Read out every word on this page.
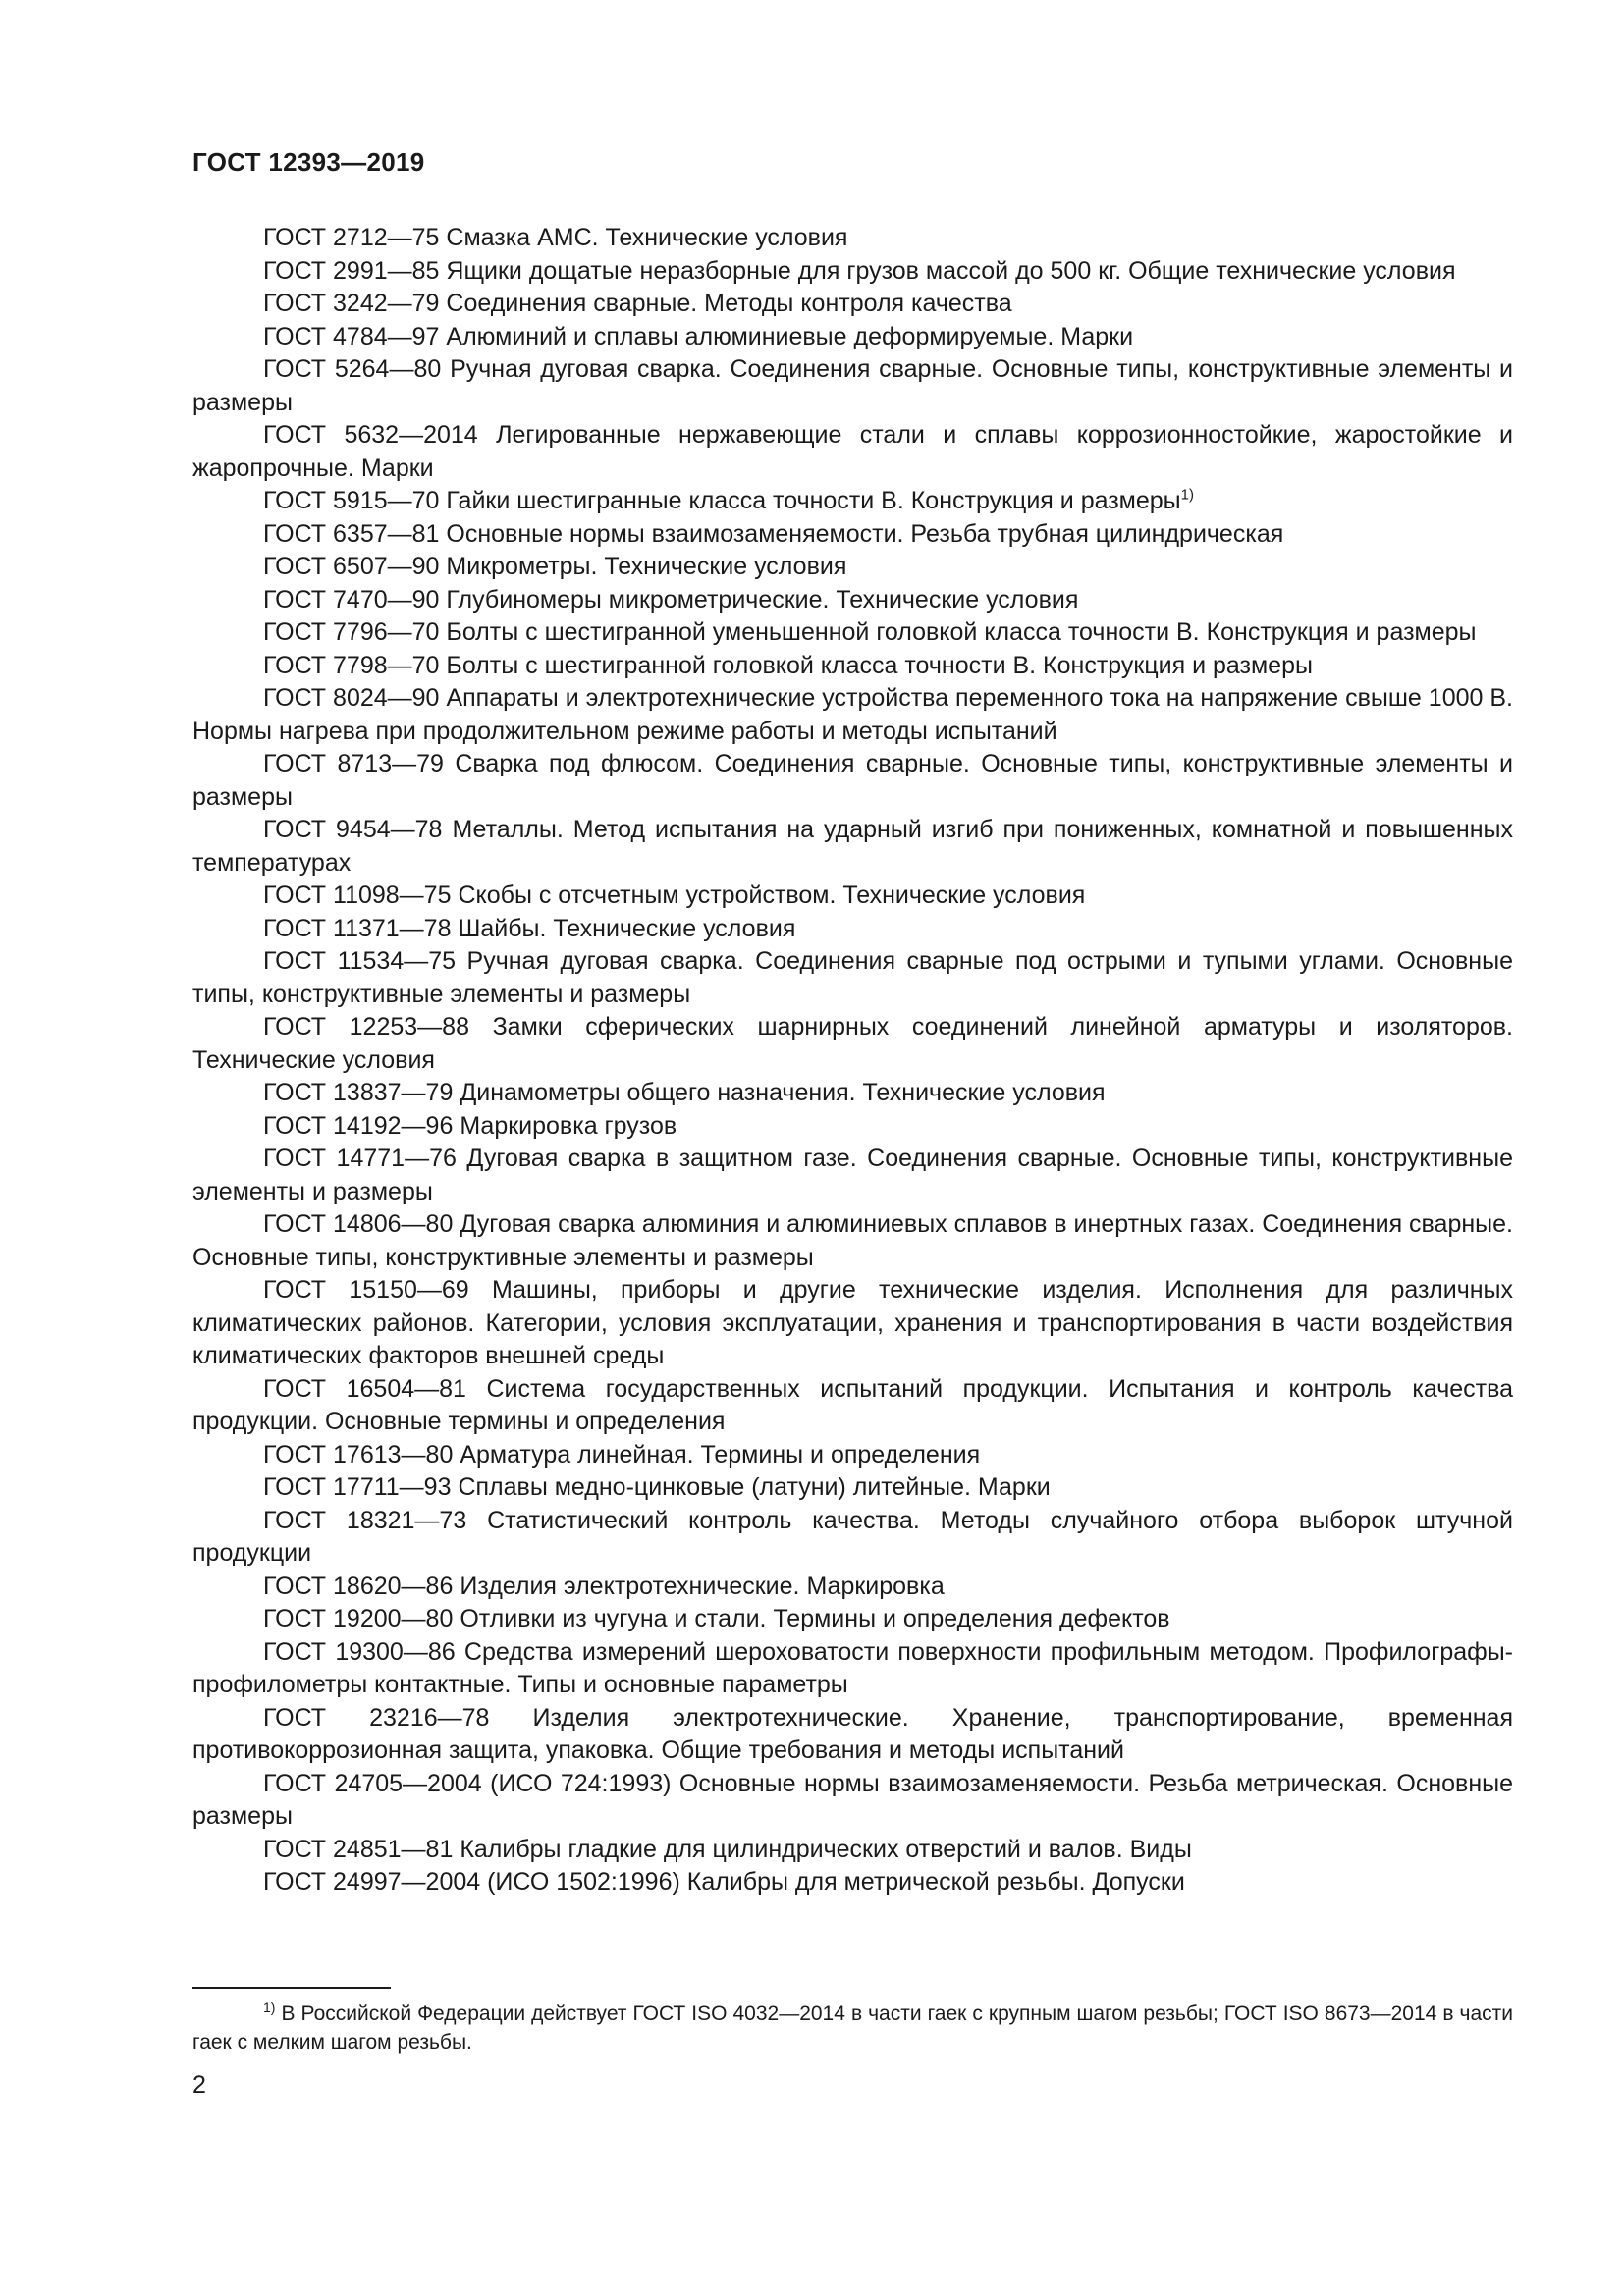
ГОСТ 12393—2019

ГОСТ 2712—75 Смазка АМС. Технические условия

ГОСТ 2991—85 Ящики дощатые неразборные для грузов массой до 500 кг. Общие технические условия

ГОСТ 3242—79 Соединения сварные. Методы контроля качества

ГОСТ 4784—97 Алюминий и сплавы алюминиевые деформируемые. Марки

ГОСТ 5264—80 Ручная дуговая сварка. Соединения сварные. Основные типы, конструктивные элементы и размеры

ГОСТ 5632—2014 Легированные нержавеющие стали и сплавы коррозионностойкие, жаростойкие и жаропрочные. Марки

ГОСТ 5915—70 Гайки шестигранные класса точности В. Конструкция и размеры$^{1)}$

ГОСТ 6357—81 Основные нормы взаимозаменяемости. Резьба трубная цилиндрическая

ГОСТ 6507—90 Микрометры. Технические условия

ГОСТ 7470—90 Глубиномеры микрометрические. Технические условия

ГОСТ 7796—70 Болты с шестигранной уменьшенной головкой класса точности В. Конструкция и размеры

ГОСТ 7798—70 Болты с шестигранной головкой класса точности В. Конструкция и размеры

ГОСТ 8024—90 Аппараты и электротехнические устройства переменного тока на напряжение свыше 1000 В. Нормы нагрева при продолжительном режиме работы и методы испытаний

ГОСТ 8713—79 Сварка под флюсом. Соединения сварные. Основные типы, конструктивные элементы и размеры

ГОСТ 9454—78 Металлы. Метод испытания на ударный изгиб при пониженных, комнатной и повышенных температурах

ГОСТ 11098—75 Скобы с отсчетным устройством. Технические условия

ГОСТ 11371—78 Шайбы. Технические условия

ГОСТ 11534—75 Ручная дуговая сварка. Соединения сварные под острыми и тупыми углами. Основные типы, конструктивные элементы и размеры

ГОСТ 12253—88 Замки сферических шарнирных соединений линейной арматуры и изоляторов. Технические условия

ГОСТ 13837—79 Динамометры общего назначения. Технические условия

ГОСТ 14192—96 Маркировка грузов

ГОСТ 14771—76 Дуговая сварка в защитном газе. Соединения сварные. Основные типы, конструктивные элементы и размеры

ГОСТ 14806—80 Дуговая сварка алюминия и алюминиевых сплавов в инертных газах. Соединения сварные. Основные типы, конструктивные элементы и размеры

ГОСТ 15150—69 Машины, приборы и другие технические изделия. Исполнения для различных климатических районов. Категории, условия эксплуатации, хранения и транспортирования в части воздействия климатических факторов внешней среды

ГОСТ 16504—81 Система государственных испытаний продукции. Испытания и контроль качества продукции. Основные термины и определения

ГОСТ 17613—80 Арматура линейная. Термины и определения

ГОСТ 17711—93 Сплавы медно-цинковые (латуни) литейные. Марки

ГОСТ 18321—73 Статистический контроль качества. Методы случайного отбора выборок штучной продукции

ГОСТ 18620—86 Изделия электротехнические. Маркировка

ГОСТ 19200—80 Отливки из чугуна и стали. Термины и определения дефектов

ГОСТ 19300—86 Средства измерений шероховатости поверхности профильным методом. Профилографы-профилометры контактные. Типы и основные параметры

ГОСТ 23216—78 Изделия электротехнические. Хранение, транспортирование, временная противокоррозионная защита, упаковка. Общие требования и методы испытаний

ГОСТ 24705—2004 (ИСО 724:1993) Основные нормы взаимозаменяемости. Резьба метрическая. Основные размеры

ГОСТ 24851—81 Калибры гладкие для цилиндрических отверстий и валов. Виды

ГОСТ 24997—2004 (ИСО 1502:1996) Калибры для метрической резьбы. Допуски

$^{1)}$ В Российской Федерации действует ГОСТ ISO 4032—2014 в части гаек с крупным шагом резьбы; ГОСТ ISO 8673—2014 в части гаек с мелким шагом резьбы.

2
